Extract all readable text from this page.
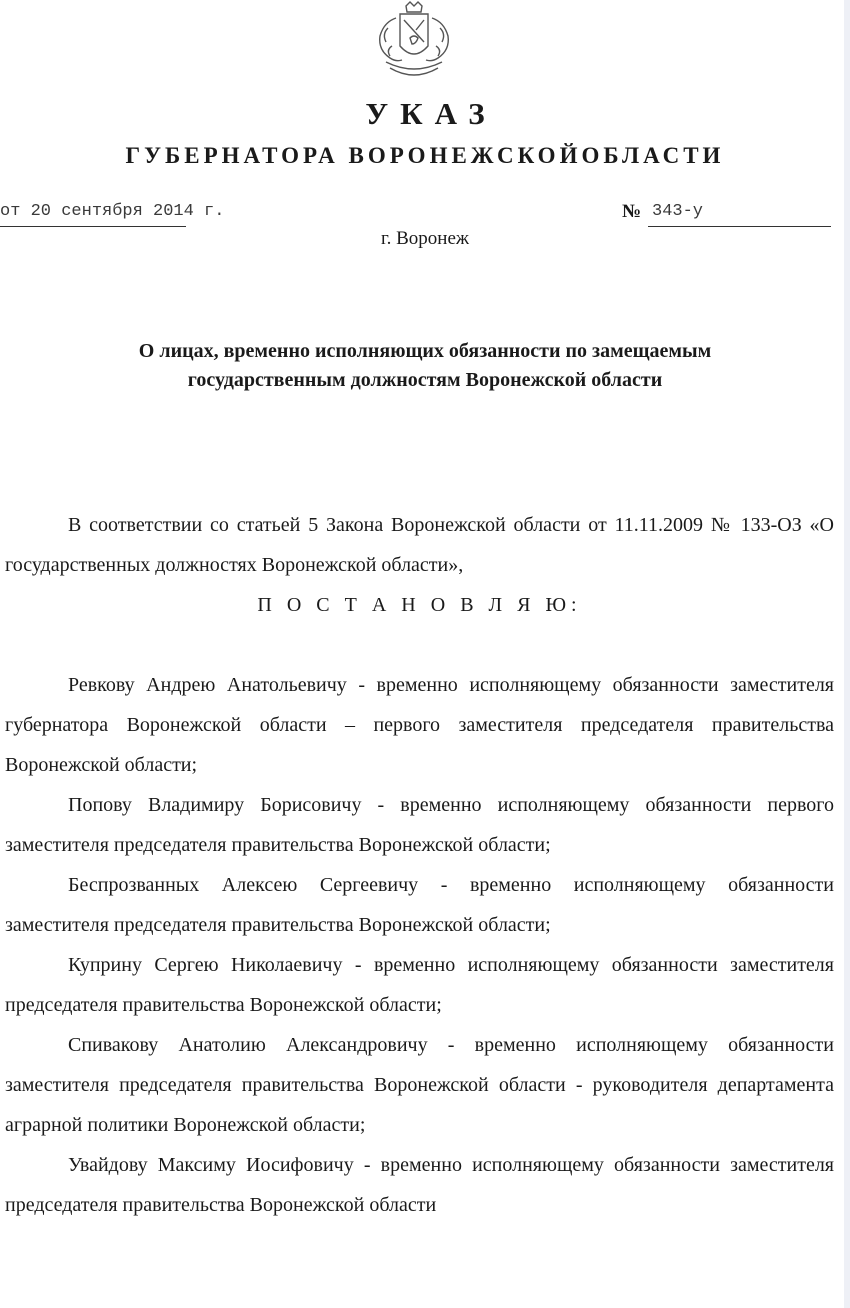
УКАЗ
ГУБЕРНАТОРА ВОРОНЕЖСКОЙОБЛАСТИ
от 20 сентября 2014 г.	№ 343-у
г. Воронеж
О лицах, временно исполняющих обязанности по замещаемым
государственным должностям Воронежской области

В соответствии со статьей 5 Закона Воронежской области от 11.11.2009 № 133-ОЗ «О государственных должностях Воронежской области»,

П О С Т А Н О В Л Я Ю:

Ревкову Андрею Анатольевичу - временно исполняющему обязанности заместителя губернатора Воронежской области – первого заместителя председателя правительства Воронежской области;

Попову Владимиру Борисовичу - временно исполняющему обязанности первого заместителя председателя правительства Воронежской области;

Беспрозванных Алексею Сергеевичу - временно исполняющему обязанности заместителя председателя правительства Воронежской области;

Куприну Сергею Николаевичу - временно исполняющему обязанности заместителя председателя правительства Воронежской области;

Спивакову Анатолию Александровичу - временно исполняющему обязанности заместителя председателя правительства Воронежской области - руководителя департамента аграрной политики Воронежской области;

Увайдову Максиму Иосифовичу - временно исполняющему обязанности заместителя председателя правительства Воронежской области
